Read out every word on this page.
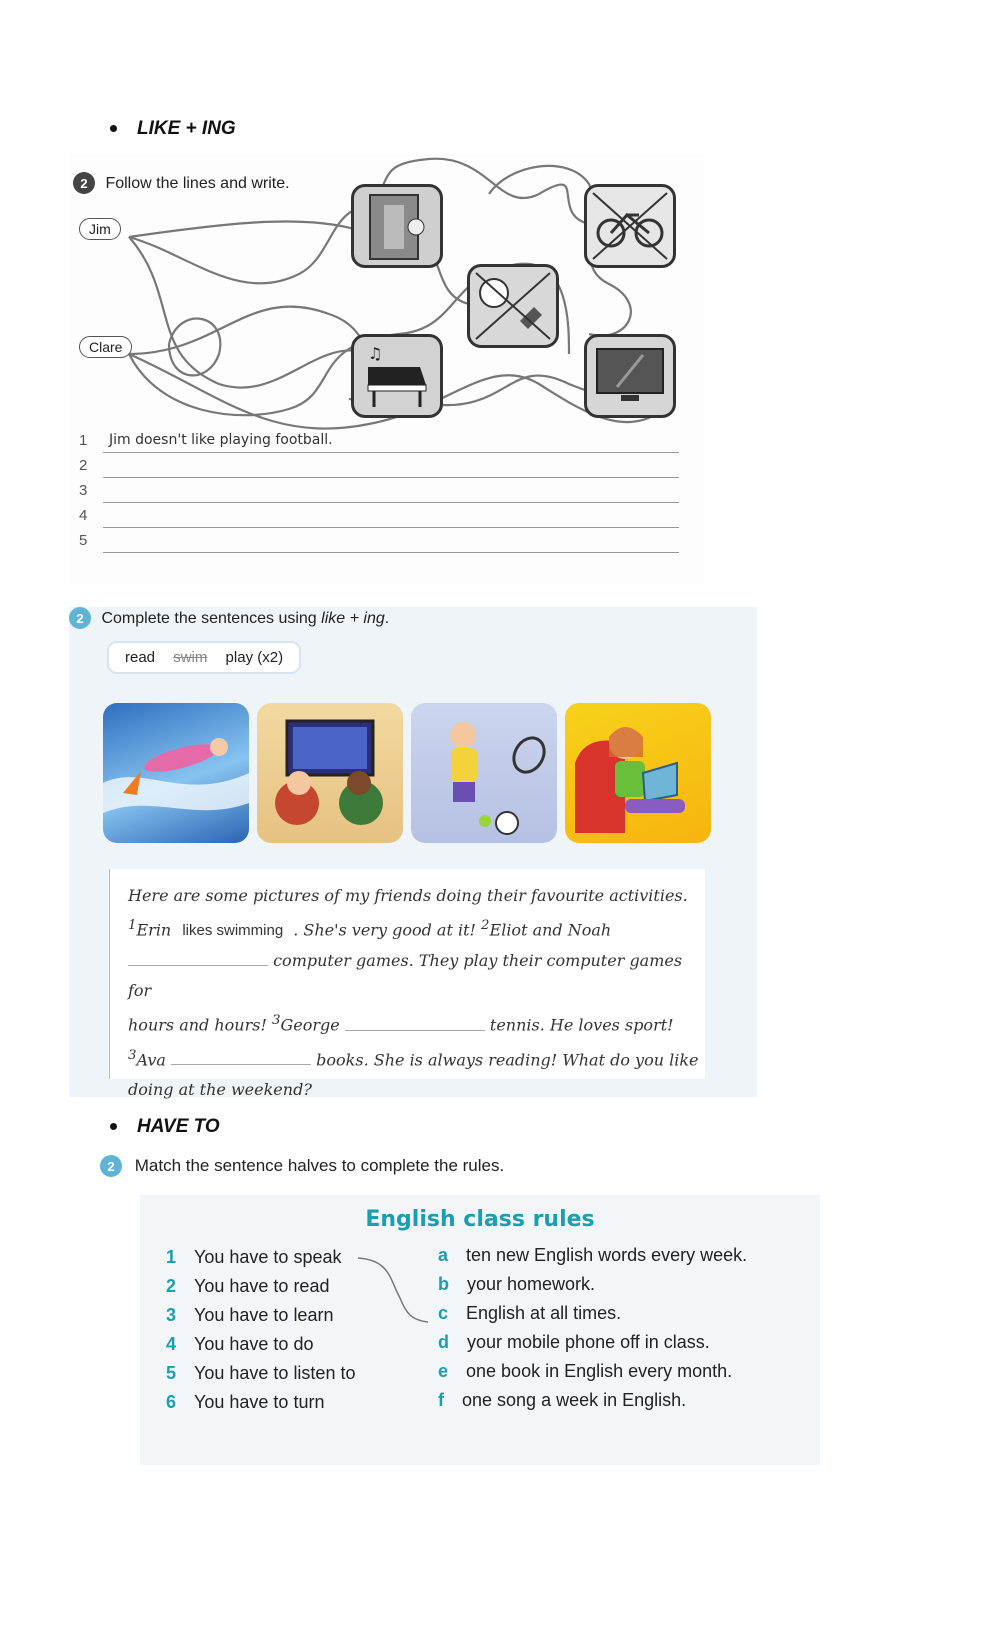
LIKE + ING
2 Follow the lines and write.
Jim
Clare	♫
1 Jim doesn't like playing football.
2
3
4
5
2 Complete the sentences using like + ing.
read swim play (x2)
Here are some pictures of my friends doing their favourite activities.
$^1$Erin likes swimming . She's very good at it! $^2$Eliot and Noah
computer games. They play their computer games for
hours and hours! $^3$George	tennis. He loves sport!
$^3$Ava	books. She is always reading! What do you like
doing at the weekend?
HAVE TO
2 Match the sentence halves to complete the rules.
English class rules
1 You have to speak
2 You have to read
3 You have to learn
4 You have to do
5 You have to listen to
6 You have to turn
a ten new English words every week.
b your homework.
c English at all times.
d your mobile phone off in class.
e one book in English every month.
f one song a week in English.
